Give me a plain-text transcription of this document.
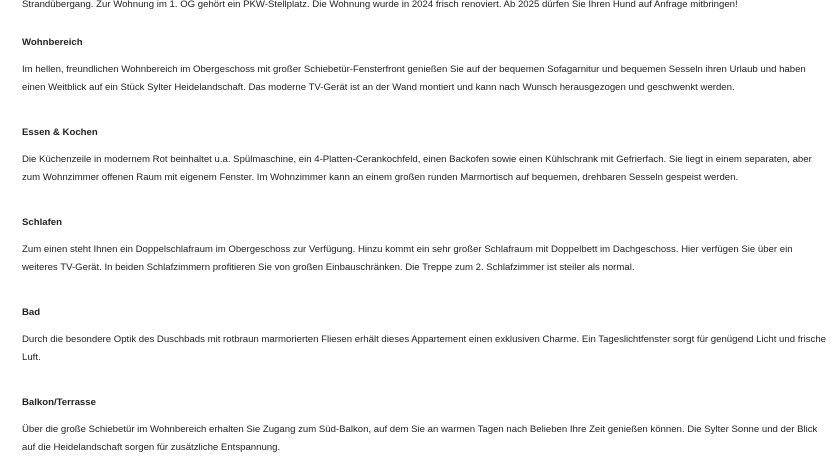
Strandübergang. Zur Wohnung im 1. OG gehört ein PKW-Stellplatz. Die Wohnung wurde in 2024 frisch renoviert. Ab 2025 dürfen Sie Ihren Hund auf Anfrage mitbringen!

Wohnbereich

Im hellen, freundlichen Wohnbereich im Obergeschoss mit großer Schiebetür-Fensterfront genießen Sie auf der bequemen Sofagarnitur und bequemen Sesseln ihren Urlaub und haben einen Weitblick auf ein Stück Sylter Heidelandschaft. Das moderne TV-Gerät ist an der Wand montiert und kann nach Wunsch herausgezogen und geschwenkt werden.

Essen & Kochen

Die Küchenzeile in modernem Rot beinhaltet u.a. Spülmaschine, ein 4-Platten-Cerankochfeld, einen Backofen sowie einen Kühlschrank mit Gefrierfach. Sie liegt in einem separaten, aber zum Wohnzimmer offenen Raum mit eigenem Fenster. Im Wohnzimmer kann an einem großen runden Marmortisch auf bequemen, drehbaren Sesseln gespeist werden.

Schlafen

Zum einen steht Ihnen ein Doppelschlafraum im Obergeschoss zur Verfügung. Hinzu kommt ein sehr großer Schlafraum mit Doppelbett im Dachgeschoss. Hier verfügen Sie über ein weiteres TV-Gerät. In beiden Schlafzimmern profitieren Sie von großen Einbauschränken. Die Treppe zum 2. Schlafzimmer ist steiler als normal.

Bad

Durch die besondere Optik des Duschbads mit rotbraun marmorierten Fliesen erhält dieses Appartement einen exklusiven Charme. Ein Tageslichtfenster sorgt für genügend Licht und frische Luft.

Balkon/Terrasse

Über die große Schiebetür im Wohnbereich erhalten Sie Zugang zum Süd-Balkon, auf dem Sie an warmen Tagen nach Belieben Ihre Zeit genießen können. Die Sylter Sonne und der Blick auf die Heidelandschaft sorgen für zusätzliche Entspannung.
